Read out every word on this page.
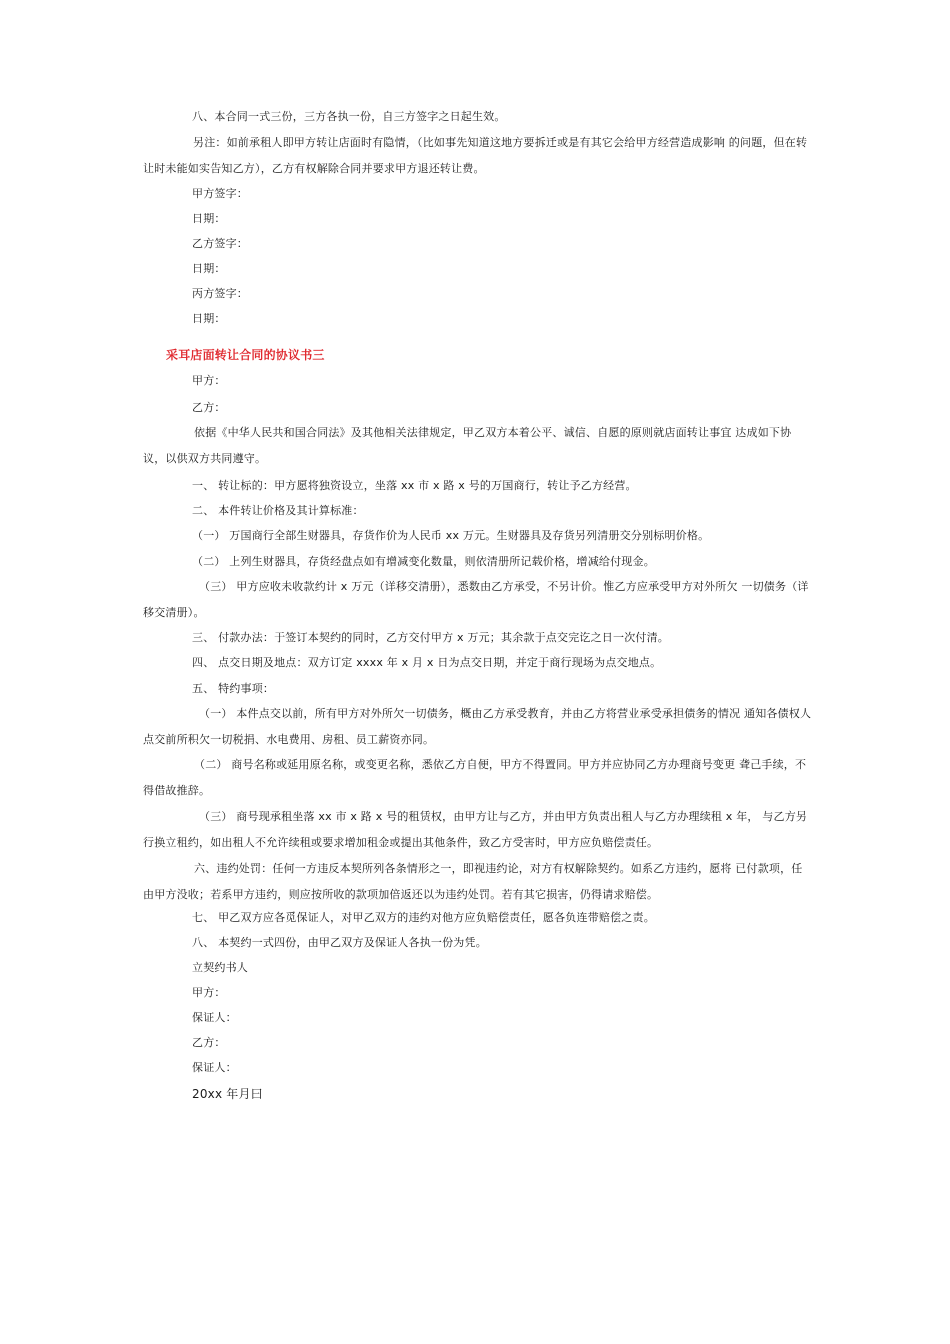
八、本合同一式三份，三方各执一份，自三方签字之日起生效。
另注：如前承租人即甲方转让店面时有隐情，（比如事先知道这地方要拆迁或是有其它会给甲方经营造成影响 的问题，但在转让时未能如实告知乙方），乙方有权解除合同并要求甲方退还转让费。
甲方签字：
日期：
乙方签字：
日期：
丙方签字：
日期：
采耳店面转让合同的协议书三
甲方：
乙方：
依据《中华人民共和国合同法》及其他相关法律规定，甲乙双方本着公平、诚信、自愿的原则就店面转让事宜 达成如下协议，以供双方共同遵守。
一、 转让标的：甲方愿将独资设立，坐落 xx 市 x 路 x 号的万国商行，转让予乙方经营。
二、 本件转让价格及其计算标准：
（一） 万国商行全部生财器具，存货作价为人民币 xx 万元。生财器具及存货另列清册交分别标明价格。
（二） 上列生财器具，存货经盘点如有增减变化数量，则依清册所记载价格，增减给付现金。
（三） 甲方应收未收款约计 x 万元（详移交清册），悉数由乙方承受，不另计价。惟乙方应承受甲方对外所欠 一切债务（详移交清册）。
三、 付款办法：于签订本契约的同时，乙方交付甲方 x 万元；其余款于点交完讫之日一次付清。
四、 点交日期及地点：双方订定 xxxx 年 x 月 x 日为点交日期，并定于商行现场为点交地点。
五、 特约事项：
（一） 本件点交以前，所有甲方对外所欠一切债务，概由乙方承受教育，并由乙方将营业承受承担债务的情况 通知各债权人点交前所积欠一切税捐、水电费用、房租、员工薪资亦同。
（二） 商号名称或延用原名称，或变更名称，悉依乙方自便，甲方不得置同。甲方并应协同乙方办理商号变更 聋己手续，不得借故推辞。
（三） 商号现承租坐落 xx 市 x 路 x 号的租赁权，由甲方让与乙方，并由甲方负责出租人与乙方办理续租 x 年， 与乙方另行换立租约，如出租人不允许续租或要求增加租金或提出其他条件，致乙方受害时，甲方应负赔偿责任。
六、违约处罚：任何一方违反本契所列各条情形之一，即视违约论，对方有权解除契约。如系乙方违约，愿将 已付款项，任由甲方没收；若系甲方违约，则应按所收的款项加倍返还以为违约处罚。若有其它损害，仍得请求赔偿。
七、 甲乙双方应各觅保证人，对甲乙双方的违约对他方应负赔偿责任，愿各负连带赔偿之责。
八、 本契约一式四份，由甲乙双方及保证人各执一份为凭。
立契约书人
甲方：
保证人：
乙方：
保证人：
20xx 年月曰
